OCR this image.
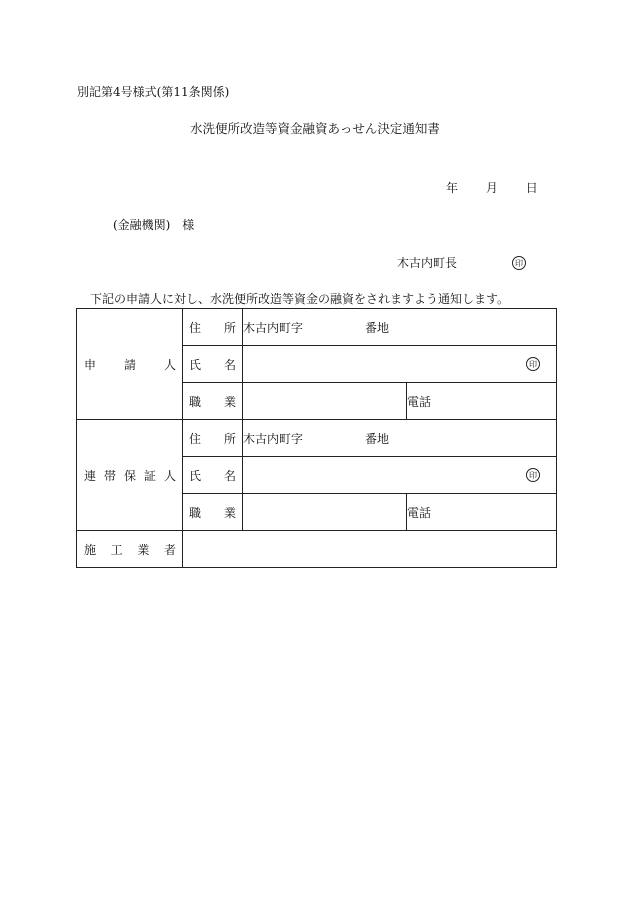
別記第4号様式(第11条関係)
水洗便所改造等資金融資あっせん決定通知書
年 月 日
(金融機関) 様
木古内町長	印
下記の申請人に対し、水洗便所改造等資金の融資をされますよう通知します。
申 請 人	住 所	木古内町字 番地	

	氏 名	印	

	職 業		電話

連 帯 保 証 人	住 所	木古内町字 番地	

	氏 名	印	

	職 業		電話

施 工 業 者			
